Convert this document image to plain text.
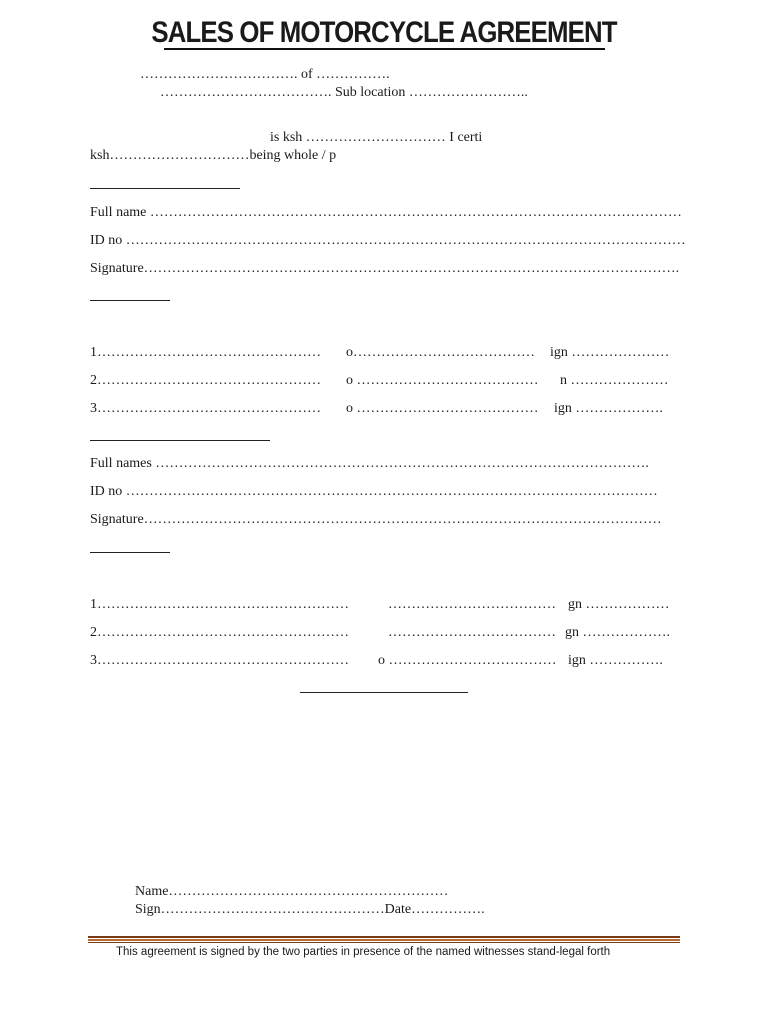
SALES OF MOTORCYCLE AGREEMENT
……………………………. of …………….
………………………………. Sub location ……………………..
is ksh ………………………… I certi
ksh…………………………being whole / p
Full name ……………………………………………………………………………………………………
ID no …………………………………………………………………………………………………………
Signature…………………………………………………………………………………………………….
1………………………………………… o………………………………… ign …………………
2………………………………………… o ………………………………… n …………………
3………………………………………… o ………………………………… ign ……………….
Full names …………………………………………………………………………………………….
ID no ……………………………………………………………………………………………………
Signature…………………………………………………………………………………………………
1………………………………………………	……………………………… gn ………………
2………………………………………………	……………………………… gn ……………….
3……………………………………………… o ……………………………… ign …………….
Name……………………………………………………
Sign…………………………………………Date…………….
This agreement is signed by the two parties in presence of the named witnesses stand-legal forth
